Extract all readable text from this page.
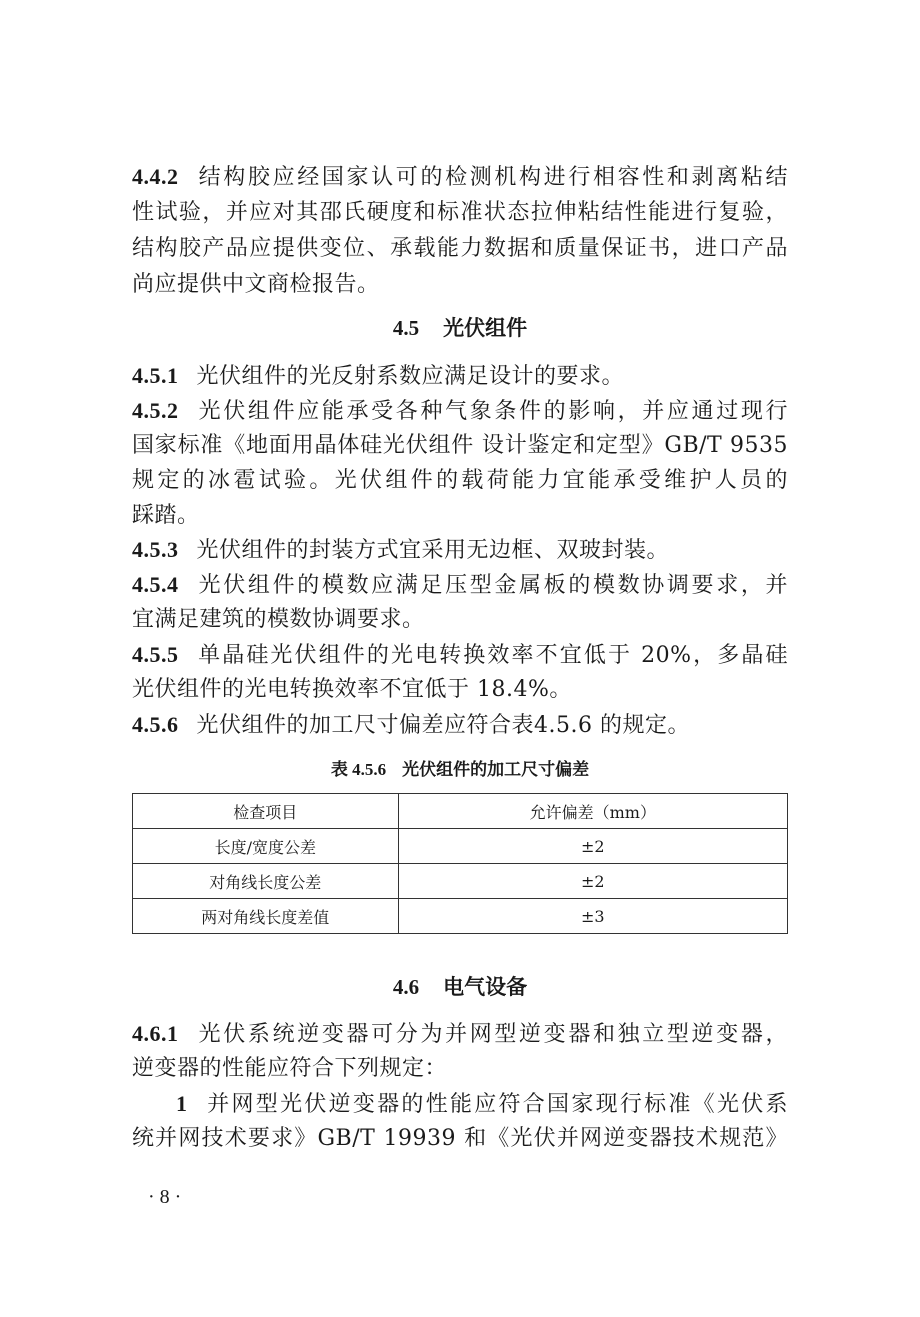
4.4.2 结构胶应经国家认可的检测机构进行相容性和剥离粘结
性试验，并应对其邵氏硬度和标准状态拉伸粘结性能进行复验，
结构胶产品应提供变位、承载能力数据和质量保证书，进口产品
尚应提供中文商检报告。
4.5 光伏组件
4.5.1 光伏组件的光反射系数应满足设计的要求。
4.5.2 光伏组件应能承受各种气象条件的影响，并应通过现行
国家标准《地面用晶体硅光伏组件 设计鉴定和定型》GB/T 9535
规定的冰雹试验。光伏组件的载荷能力宜能承受维护人员的
踩踏。
4.5.3 光伏组件的封装方式宜采用无边框、双玻封装。
4.5.4 光伏组件的模数应满足压型金属板的模数协调要求，并
宜满足建筑的模数协调要求。
4.5.5 单晶硅光伏组件的光电转换效率不宜低于 20%，多晶硅
光伏组件的光电转换效率不宜低于 18.4%。
4.5.6 光伏组件的加工尺寸偏差应符合表4.5.6 的规定。
表 4.5.6 光伏组件的加工尺寸偏差
检查项目	允许偏差（mm）
长度/宽度公差	±2
对角线长度公差	±2
两对角线长度差值	±3
4.6 电气设备
4.6.1 光伏系统逆变器可分为并网型逆变器和独立型逆变器，
逆变器的性能应符合下列规定：
1 并网型光伏逆变器的性能应符合国家现行标准《光伏系
统并网技术要求》GB/T 19939 和《光伏并网逆变器技术规范》
· 8 ·
